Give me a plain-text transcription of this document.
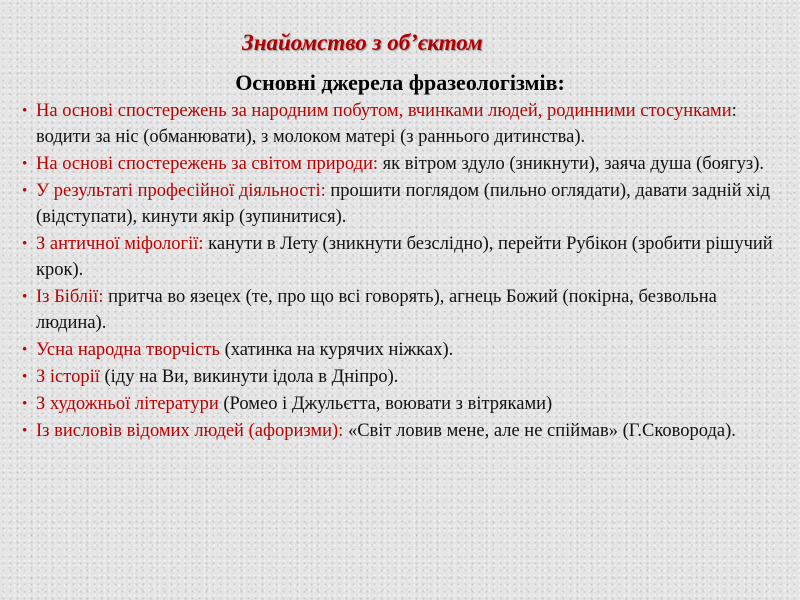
Знайомство з об’єктом
Основні джерела фразеологізмів:
• На основі спостережень за народним побутом, вчинками людей, родинними стосунками: водити за ніс (обманювати), з молоком матері (з раннього дитинства).
• На основі спостережень за світом природи: як вітром здуло (зникнути), заяча душа (боягуз).
• У результаті професійної діяльності: прошити поглядом (пильно оглядати), давати задній хід (відступати), кинути якір (зупинитися).
• З античної міфології: канути в Лету (зникнути безслідно), перейти Рубікон (зробити рішучий крок).
• Із Біблії: притча во язецех (те, про що всі говорять), агнець Божий (покірна, безвольна людина).
• Усна народна творчість (хатинка на курячих ніжках).
• З історії (іду на Ви, викинути ідола в Дніпро).
• З художньої літератури (Ромео і Джульєтта, воювати з вітряками)
• Із висловів відомих людей (афоризми): «Світ ловив мене, але не спіймав» (Г.Сковорода).
